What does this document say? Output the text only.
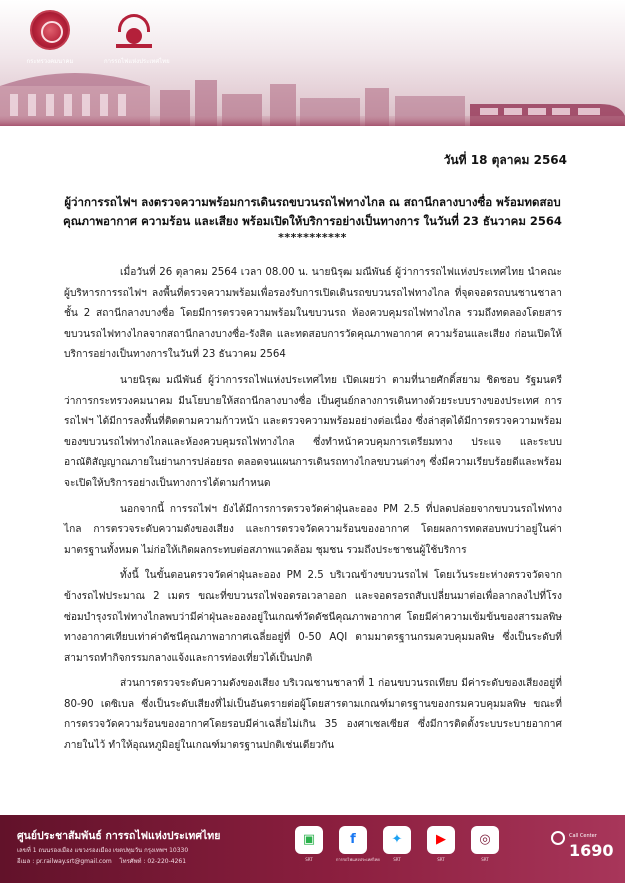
กระทรวงคมนาคม	การรถไฟแห่งประเทศไทย
วันที่ 18 ตุลาคม 2564
ผู้ว่าการรถไฟฯ ลงตรวจความพร้อมการเดินรถขบวนรถไฟทางไกล ณ สถานีกลางบางซื่อ พร้อมทดสอบ
คุณภาพอากาศ ความร้อน และเสียง พร้อมเปิดให้บริการอย่างเป็นทางการ ในวันที่ 23 ธันวาคม 2564
***********

เมื่อวันที่ 26 ตุลาคม 2564 เวลา 08.00 น. นายนิรุฒ มณีพันธ์ ผู้ว่าการรถไฟแห่งประเทศไทย นำคณะผู้บริหารการรถไฟฯ ลงพื้นที่ตรวจความพร้อมเพื่อรองรับการเปิดเดินรถขบวนรถไฟทางไกล ที่จุดจอดรถบนชานชาลาชั้น 2 สถานีกลางบางซื่อ โดยมีการตรวจความพร้อมในขบวนรถ ห้องควบคุมรถไฟทางไกล รวมถึงทดลองโดยสารขบวนรถไฟทางไกลจากสถานีกลางบางซื่อ-รังสิต และทดสอบการวัดคุณภาพอากาศ ความร้อนและเสียง ก่อนเปิดให้บริการอย่างเป็นทางการในวันที่ 23 ธันวาคม 2564

นายนิรุฒ มณีพันธ์ ผู้ว่าการรถไฟแห่งประเทศไทย เปิดเผยว่า ตามที่นายศักดิ์สยาม ชิดชอบ รัฐมนตรีว่าการกระทรวงคมนาคม มีนโยบายให้สถานีกลางบางซื่อ เป็นศูนย์กลางการเดินทางด้วยระบบรางของประเทศ การรถไฟฯ ได้มีการลงพื้นที่ติดตามความก้าวหน้า และตรวจความพร้อมอย่างต่อเนื่อง ซึ่งล่าสุดได้มีการตรวจความพร้อมของขบวนรถไฟทางไกลและห้องควบคุมรถไฟทางไกล ซึ่งทำหน้าควบคุมการเตรียมทาง ประแจ และระบบอาณัติสัญญาณภายในย่านการปล่อยรถ ตลอดจนแผนการเดินรถทางไกลขบวนต่างๆ ซึ่งมีความเรียบร้อยดีและพร้อมจะเปิดให้บริการอย่างเป็นทางการได้ตามกำหนด

นอกจากนี้ การรถไฟฯ ยังได้มีการการตรวจวัดค่าฝุ่นละออง PM 2.5 ที่ปลดปล่อยจากขบวนรถไฟทางไกล การตรวจระดับความดังของเสียง และการตรวจวัดความร้อนของอากาศ โดยผลการทดสอบพบว่าอยู่ในค่ามาตรฐานทั้งหมด ไม่ก่อให้เกิดผลกระทบต่อสภาพแวดล้อม ชุมชน รวมถึงประชาชนผู้ใช้บริการ

ทั้งนี้ ในขั้นตอนตรวจวัดค่าฝุ่นละออง PM 2.5 บริเวณข้างขบวนรถไฟ โดยเว้นระยะห่างตรวจวัดจากข้างรถไฟประมาณ 2 เมตร ขณะที่ขบวนรถไฟจอดรอเวลาออก และจอดรอรถสับเปลี่ยนมาต่อเพื่อลากลงไปที่โรงซ่อมบำรุงรถไฟทางไกลพบว่ามีค่าฝุ่นละอองอยู่ในเกณฑ์วัดดัชนีคุณภาพอากาศ โดยมีค่าความเข้มข้นของสารมลพิษทางอากาศเทียบเท่าค่าดัชนีคุณภาพอากาศเฉลี่ยอยู่ที่ 0-50 AQI ตามมาตรฐานกรมควบคุมมลพิษ ซึ่งเป็นระดับที่สามารถทำกิจกรรมกลางแจ้งและการท่องเที่ยวได้เป็นปกติ

ส่วนการตรวจระดับความดังของเสียง บริเวณชานชาลาที่ 1 ก่อนขบวนรถเทียบ มีค่าระดับของเสียงอยู่ที่ 80-90 เดซิเบล ซึ่งเป็นระดับเสียงที่ไม่เป็นอันตรายต่อผู้โดยสารตามเกณฑ์มาตรฐานของกรมควบคุมมลพิษ ขณะที่การตรวจวัดความร้อนของอากาศโดยรอบมีค่าเฉลี่ยไม่เกิน 35 องศาเซลเซียส ซึ่งมีการติดตั้งระบบระบายอากาศภายในไว้ ทำให้อุณหภูมิอยู่ในเกณฑ์มาตรฐานปกติเช่นเดียวกัน

ศูนย์ประชาสัมพันธ์ การรถไฟแห่งประเทศไทย
เลขที่ 1 ถนนรองเมือง แขวงรองเมือง เขตปทุมวัน กรุงเทพฯ 10330
อีเมล : pr.railway.srt@gmail.com โทรศัพท์ : 02-220-4261
▣
SRT
f
การรถไฟแห่งประเทศไทย
✦
SRT
▶
SRT
◎
SRT
Call Center
1690
